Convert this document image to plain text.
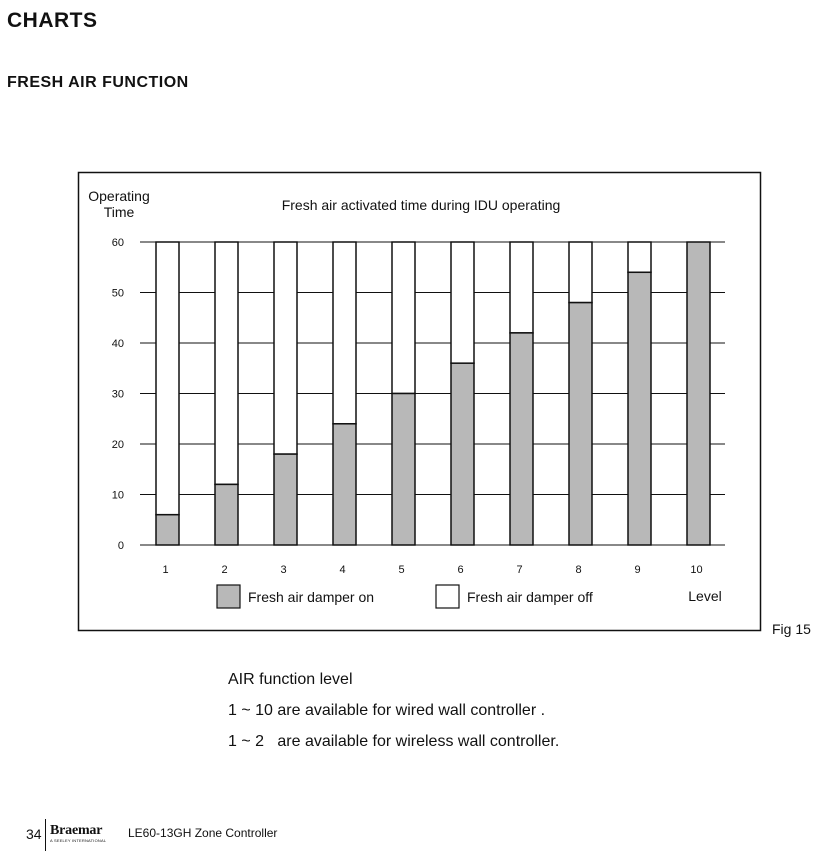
CHARTS
FRESH AIR FUNCTION
Operating
Time	Fresh air activated time during IDU operating
Level
0
10
20
30
40
50
60
1	2	3	4	5	6	7	8	9	10
Fresh air damper on	Fresh air damper off
Fig 15
AIR function level
1 ~ 10 are available for wired wall controller .
1 ~ 2   are available for wireless wall controller.
34 Braemar
A SEELEY INTERNATIONAL
LE60-13GH Zone Controller
